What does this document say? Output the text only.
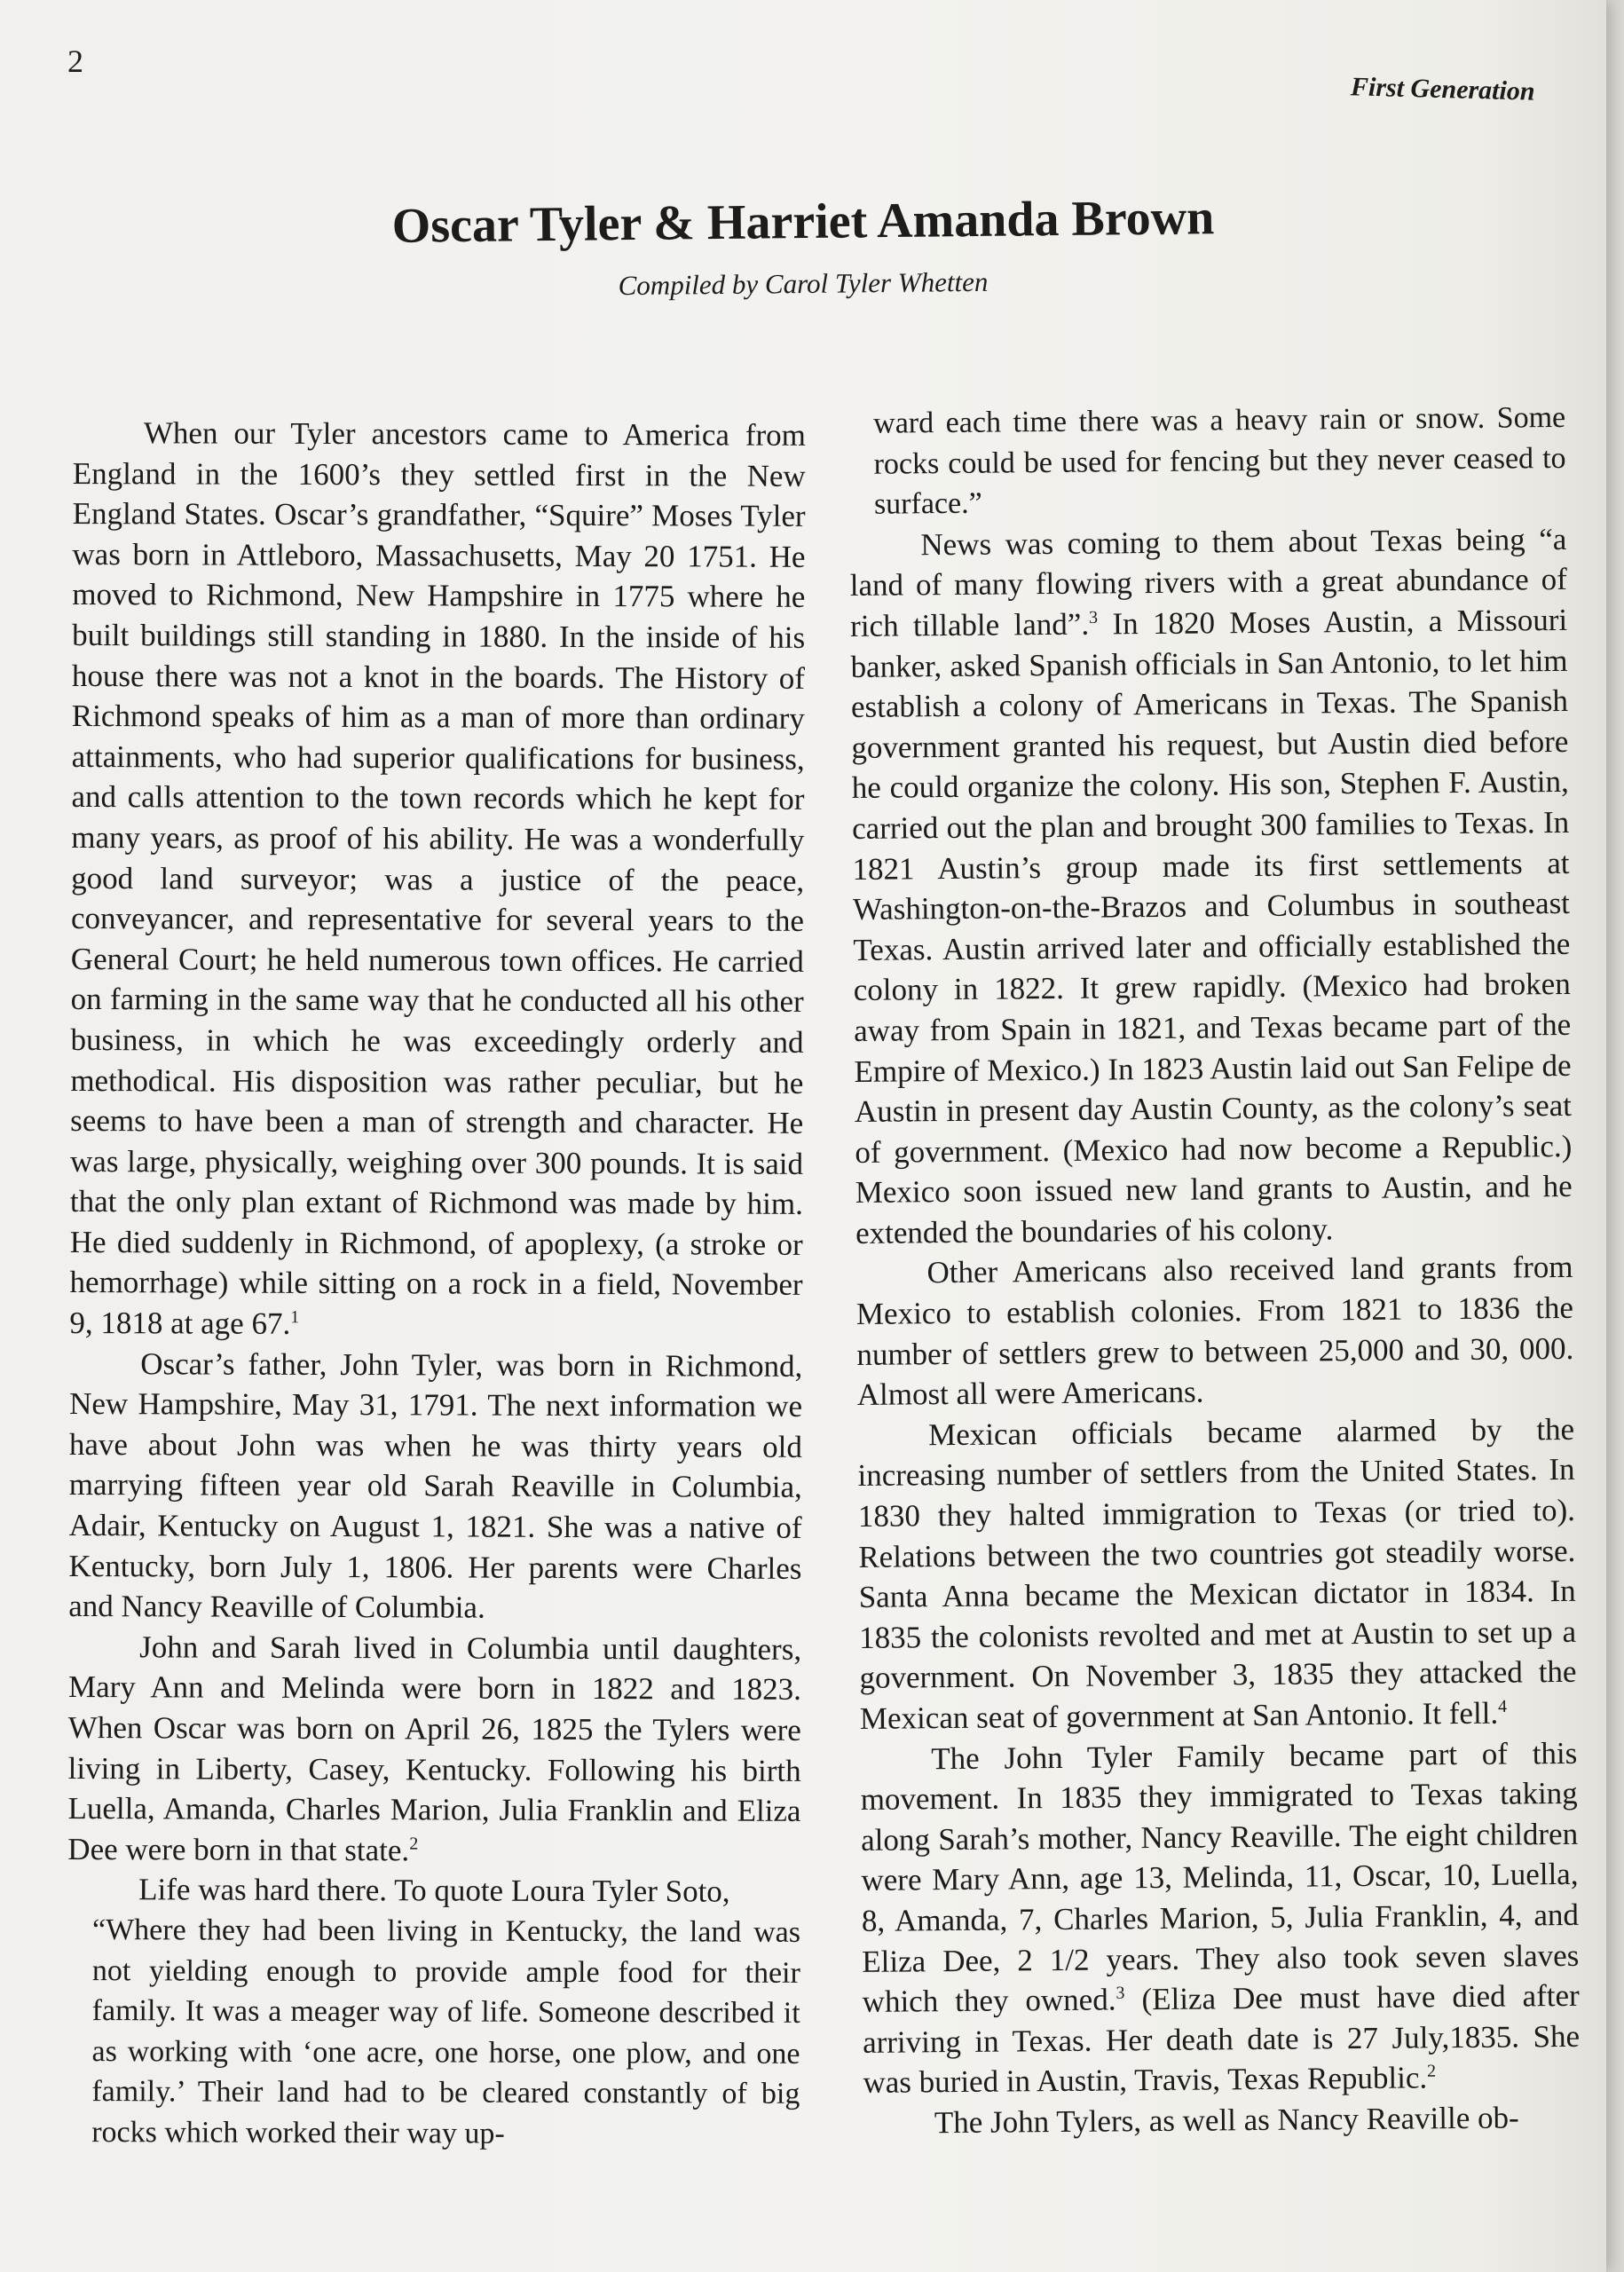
2
First Generation
Oscar Tyler & Harriet Amanda Brown
Compiled by Carol Tyler Whetten

When our Tyler ancestors came to America from England in the 1600’s they settled first in the New England States. Oscar’s grandfather, “Squire” Moses Tyler was born in Attleboro, Massachusetts, May 20 1751. He moved to Richmond, New Hampshire in 1775 where he built buildings still standing in 1880. In the inside of his house there was not a knot in the boards. The History of Richmond speaks of him as a man of more than ordinary attainments, who had superior qualifications for business, and calls attention to the town records which he kept for many years, as proof of his ability. He was a wonderfully good land surveyor; was a justice of the peace, conveyancer, and representative for several years to the General Court; he held numerous town offices. He carried on farming in the same way that he conducted all his other business, in which he was exceedingly orderly and methodical. His disposition was rather peculiar, but he seems to have been a man of strength and character. He was large, physically, weighing over 300 pounds. It is said that the only plan extant of Richmond was made by him. He died suddenly in Richmond, of apoplexy, (a stroke or hemorrhage) while sitting on a rock in a field, November 9, 1818 at age 67.$^1$

Oscar’s father, John Tyler, was born in Richmond, New Hampshire, May 31, 1791. The next information we have about John was when he was thirty years old marrying fifteen year old Sarah Reaville in Columbia, Adair, Kentucky on August 1, 1821. She was a native of Kentucky, born July 1, 1806. Her parents were Charles and Nancy Reaville of Columbia.

John and Sarah lived in Columbia until daughters, Mary Ann and Melinda were born in 1822 and 1823. When Oscar was born on April 26, 1825 the Tylers were living in Liberty, Casey, Kentucky. Following his birth Luella, Amanda, Charles Marion, Julia Franklin and Eliza Dee were born in that state.$^2$

Life was hard there. To quote Loura Tyler Soto,

“Where they had been living in Kentucky, the land was not yielding enough to provide ample food for their family. It was a meager way of life. Someone described it as working with ‘one acre, one horse, one plow, and one family.’ Their land had to be cleared constantly of big rocks which worked their way up-

ward each time there was a heavy rain or snow. Some rocks could be used for fencing but they never ceased to surface.”

News was coming to them about Texas being “a land of many flowing rivers with a great abundance of rich tillable land”.$^3$ In 1820 Moses Austin, a Missouri banker, asked Spanish officials in San Antonio, to let him establish a colony of Americans in Texas. The Spanish government granted his request, but Austin died before he could organize the colony. His son, Stephen F. Austin, carried out the plan and brought 300 families to Texas. In 1821 Austin’s group made its first settlements at Washington-on-the-Brazos and Columbus in southeast Texas. Austin arrived later and officially established the colony in 1822. It grew rapidly. (Mexico had broken away from Spain in 1821, and Texas became part of the Empire of Mexico.) In 1823 Austin laid out San Felipe de Austin in present day Austin County, as the colony’s seat of government. (Mexico had now become a Republic.) Mexico soon issued new land grants to Austin, and he extended the boundaries of his colony.

Other Americans also received land grants from Mexico to establish colonies. From 1821 to 1836 the number of settlers grew to between 25,000 and 30, 000. Almost all were Americans.

Mexican officials became alarmed by the increasing number of settlers from the United States. In 1830 they halted immigration to Texas (or tried to). Relations between the two countries got steadily worse. Santa Anna became the Mexican dictator in 1834. In 1835 the colonists revolted and met at Austin to set up a government. On November 3, 1835 they attacked the Mexican seat of government at San Antonio. It fell.$^4$

The John Tyler Family became part of this movement. In 1835 they immigrated to Texas taking along Sarah’s mother, Nancy Reaville. The eight children were Mary Ann, age 13, Melinda, 11, Oscar, 10, Luella, 8, Amanda, 7, Charles Marion, 5, Julia Franklin, 4, and Eliza Dee, 2 1/2 years. They also took seven slaves which they owned.$^3$ (Eliza Dee must have died after arriving in Texas. Her death date is 27 July,1835. She was buried in Austin, Travis, Texas Republic.$^2$

The John Tylers, as well as Nancy Reaville ob-
